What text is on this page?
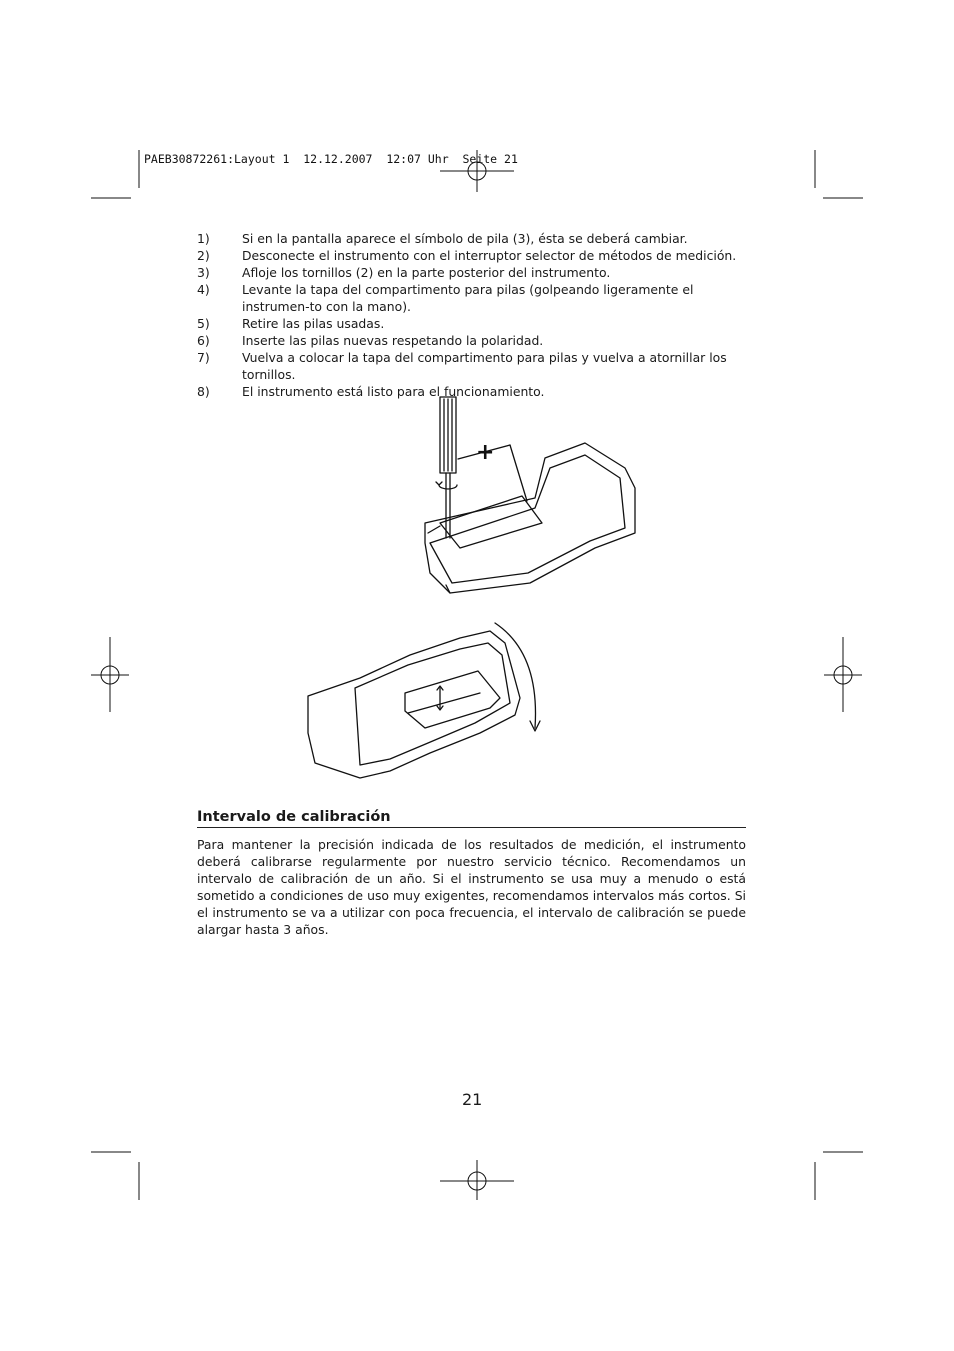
PAEB30872261:Layout 1  12.12.2007  12:07 Uhr  Seite 21
1)	Si en la pantalla aparece el símbolo de pila (3), ésta se deberá cambiar.
2)	Desconecte el instrumento con el interruptor selector de métodos de medición.
3)	Afloje los tornillos (2) en la parte posterior del instrumento.
4)	Levante la tapa del compartimento para pilas (golpeando ligeramente el instrumen-to con la mano).
5)	Retire las pilas usadas.
6)	Inserte las pilas nuevas respetando la polaridad.
7)	Vuelva a colocar la tapa del compartimento para pilas y vuelva a atornillar los tornillos.
8)	El instrumento está listo para el funcionamiento.
+
Intervalo de calibración
Para mantener la precisión indicada de los resultados de medición, el instrumento deberá calibrarse regularmente por nuestro servicio técnico. Recomendamos un intervalo de calibración de un año. Si el instrumento se usa muy a menudo o está sometido a condiciones de uso muy exigentes, recomendamos intervalos más cortos. Si el instrumento se va a utilizar con poca frecuencia, el intervalo de calibración se puede alargar hasta 3 años.
21
